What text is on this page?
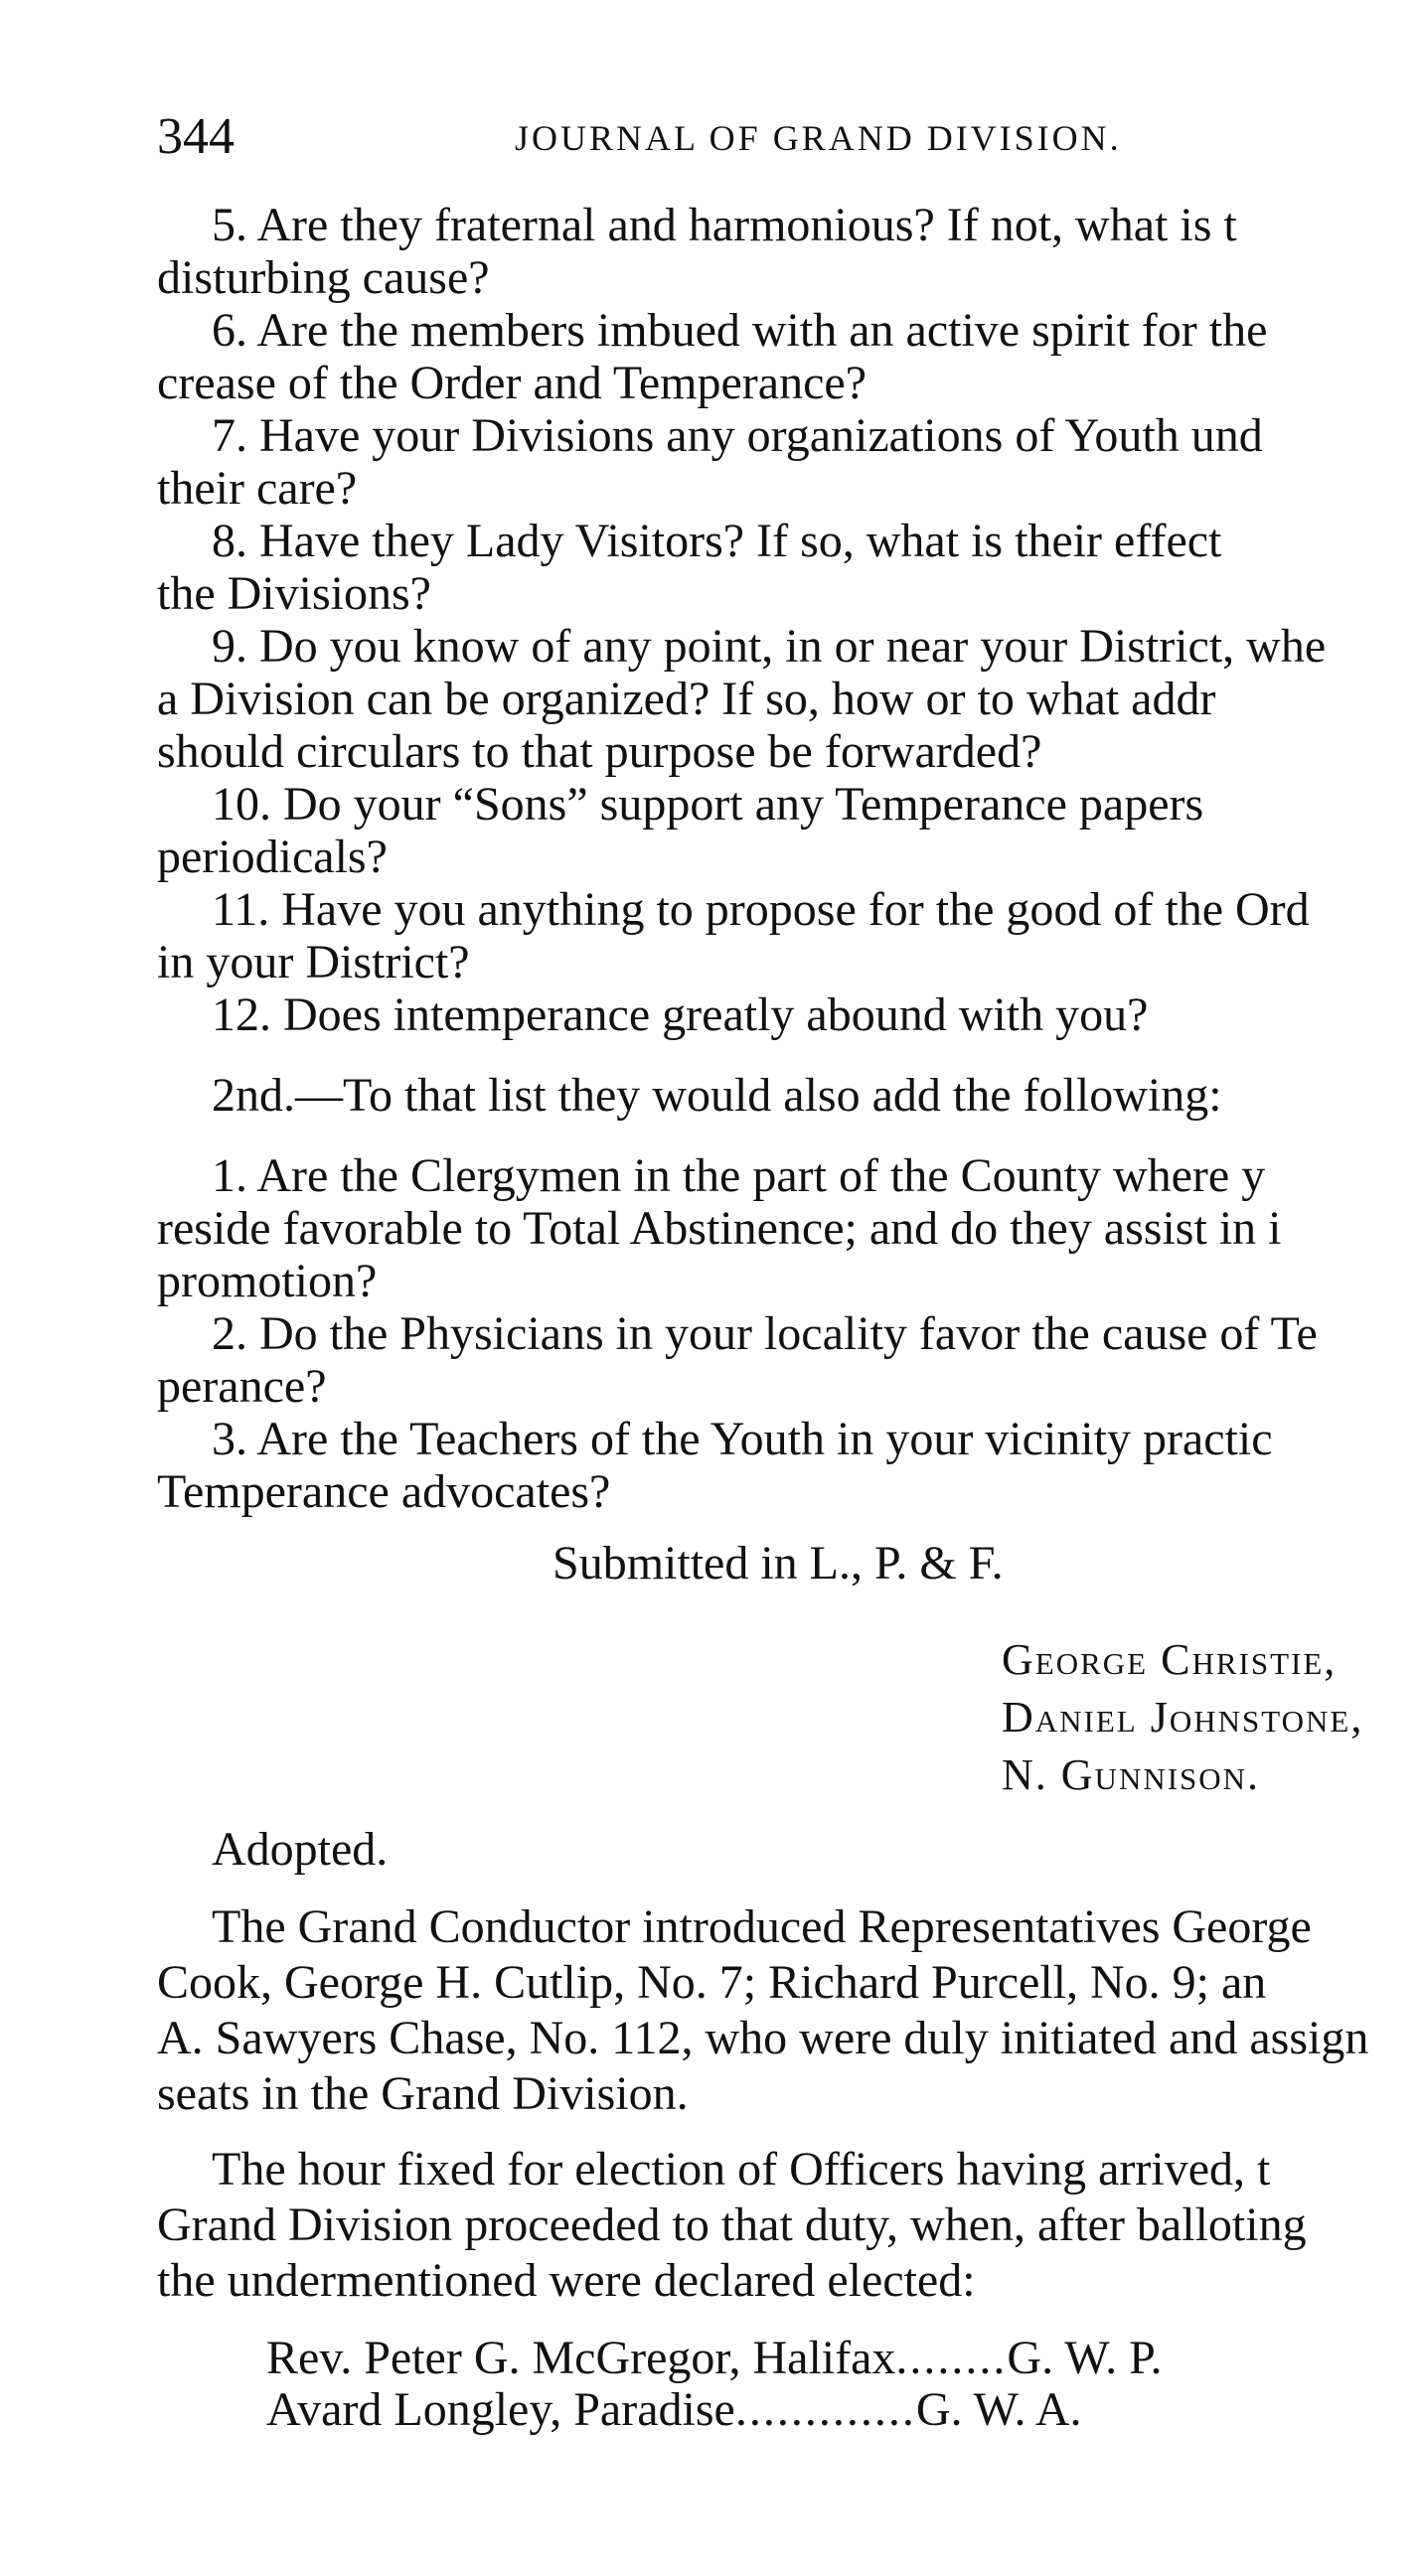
344	JOURNAL OF GRAND DIVISION.
5. Are they fraternal and harmonious? If not, what is t
disturbing cause?
6. Are the members imbued with an active spirit for the
crease of the Order and Temperance?
7. Have your Divisions any organizations of Youth und
their care?
8. Have they Lady Visitors? If so, what is their effect
the Divisions?
9. Do you know of any point, in or near your District, whe
a Division can be organized? If so, how or to what addr
should circulars to that purpose be forwarded?
10. Do your “Sons” support any Temperance papers
periodicals?
11. Have you anything to propose for the good of the Ord
in your District?
12. Does intemperance greatly abound with you?
2nd.—To that list they would also add the following:
1. Are the Clergymen in the part of the County where y
reside favorable to Total Abstinence; and do they assist in i
promotion?
2. Do the Physicians in your locality favor the cause of Te
perance?
3. Are the Teachers of the Youth in your vicinity practic
Temperance advocates?
Submitted in L., P. & F.
George Christie,
Daniel Johnstone,
N. Gunnison.
Adopted.
The Grand Conductor introduced Representatives George
Cook, George H. Cutlip, No. 7; Richard Purcell, No. 9; an
A. Sawyers Chase, No. 112, who were duly initiated and assign
seats in the Grand Division.
The hour fixed for election of Officers having arrived, t
Grand Division proceeded to that duty, when, after balloting
the undermentioned were declared elected:
Rev. Peter G. McGregor, Halifax........G. W. P.
Avard Longley, Paradise.............G. W. A.
